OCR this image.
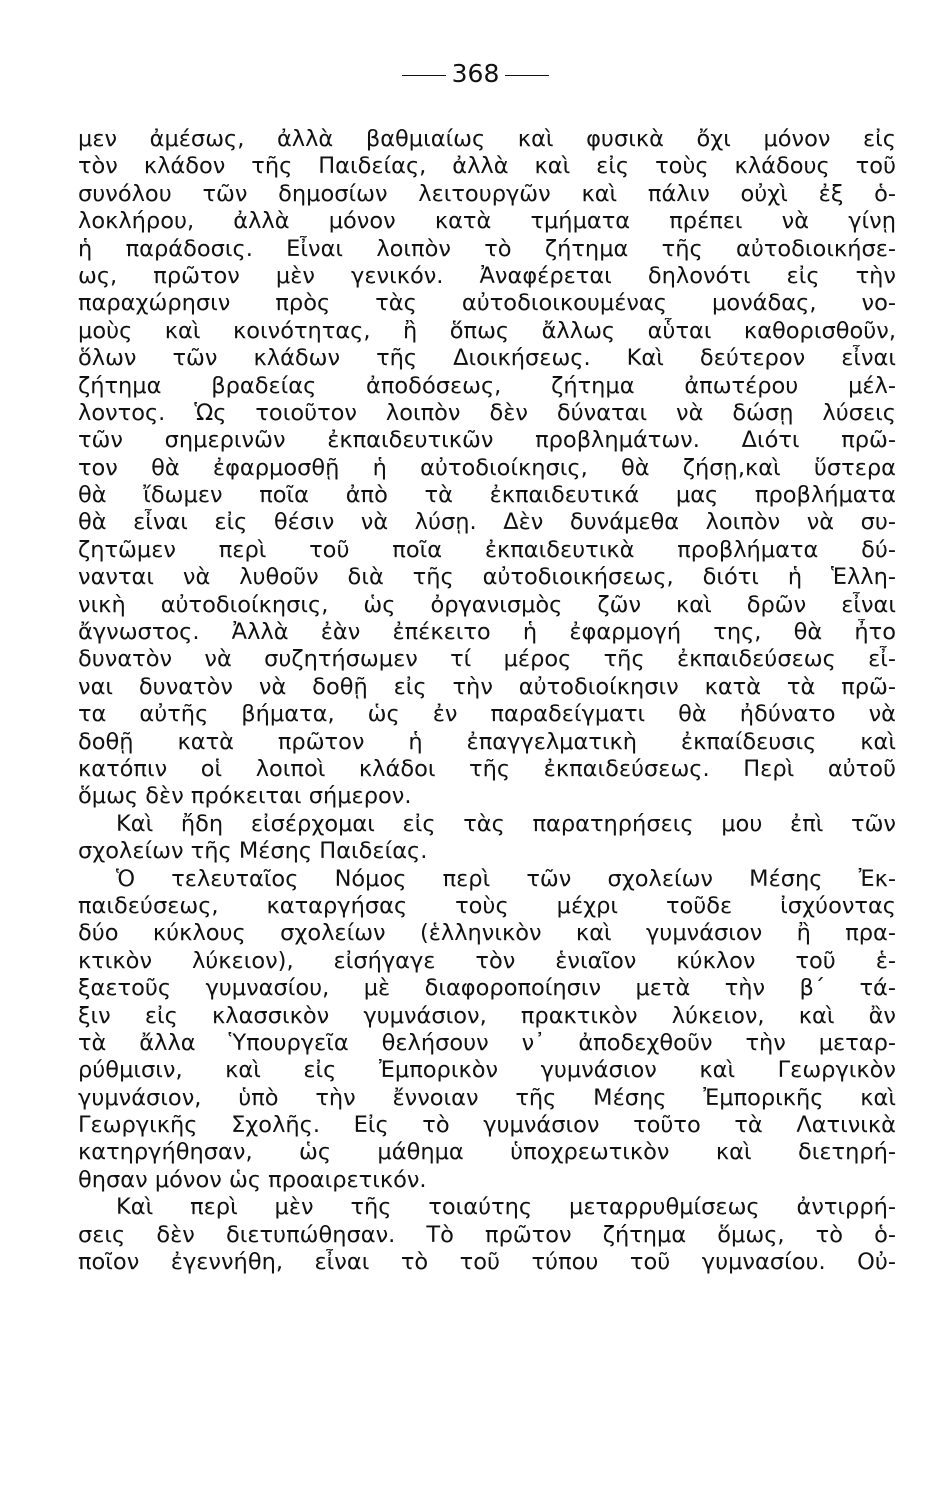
368
μεν ἀμέσως, ἀλλὰ βαθμιαίως καὶ φυσικὰ ὄχι μόνον εἰς
τὸν κλάδον τῆς Παιδείας, ἀλλὰ καὶ εἰς τοὺς κλάδους τοῦ
συνόλου τῶν δημοσίων λειτουργῶν καὶ πάλιν οὐχὶ ἐξ ὁ-
λοκλήρου, ἀλλὰ μόνον κατὰ τμήματα πρέπει νὰ γίνῃ
ἡ παράδοσις. Εἶναι λοιπὸν τὸ ζήτημα τῆς αὐτοδιοικήσε-
ως, πρῶτον μὲν γενικόν. Ἀναφέρεται δηλονότι εἰς τὴν
παραχώρησιν πρὸς τὰς αὐτοδιοικουμένας μονάδας, νο-
μοὺς καὶ κοινότητας, ἢ ὅπως ἄλλως αὗται καθορισθοῦν,
ὅλων τῶν κλάδων τῆς Διοικήσεως. Καὶ δεύτερον εἶναι
ζήτημα βραδείας ἀποδόσεως, ζήτημα ἀπωτέρου μέλ-
λοντος. Ὡς τοιοῦτον λοιπὸν δὲν δύναται νὰ δώσῃ λύσεις
τῶν σημερινῶν ἐκπαιδευτικῶν προβλημάτων. Διότι πρῶ-
τον θὰ ἐφαρμοσθῇ ἡ αὐτοδιοίκησις, θὰ ζήσῃ,καὶ ὕστερα
θὰ ἴδωμεν ποῖα ἀπὸ τὰ ἐκπαιδευτικά μας προβλήματα
θὰ εἶναι εἰς θέσιν νὰ λύσῃ. Δὲν δυνάμεθα λοιπὸν νὰ συ-
ζητῶμεν περὶ τοῦ ποῖα ἐκπαιδευτικὰ προβλήματα δύ-
νανται νὰ λυθοῦν διὰ τῆς αὐτοδιοικήσεως, διότι ἡ Ἑλλη-
νικὴ αὐτοδιοίκησις, ὡς ὀργανισμὸς ζῶν καὶ δρῶν εἶναι
ἄγνωστος. Ἀλλὰ ἐὰν ἐπέκειτο ἡ ἐφαρμογή της, θὰ ἦτο
δυνατὸν νὰ συζητήσωμεν τί μέρος τῆς ἐκπαιδεύσεως εἶ-
ναι δυνατὸν νὰ δοθῇ εἰς τὴν αὐτοδιοίκησιν κατὰ τὰ πρῶ-
τα αὐτῆς βήματα, ὡς ἐν παραδείγματι θὰ ἠδύνατο νὰ
δοθῇ κατὰ πρῶτον ἡ ἐπαγγελματικὴ ἐκπαίδευσις καὶ
κατόπιν οἱ λοιποὶ κλάδοι τῆς ἐκπαιδεύσεως. Περὶ αὐτοῦ
ὅμως δὲν πρόκειται σήμερον.
Καὶ ἤδη εἰσέρχομαι εἰς τὰς παρατηρήσεις μου ἐπὶ τῶν
σχολείων τῆς Μέσης Παιδείας.
Ὁ τελευταῖος Νόμος περὶ τῶν σχολείων Μέσης Ἐκ-
παιδεύσεως, καταργήσας τοὺς μέχρι τοῦδε ἰσχύοντας
δύο κύκλους σχολείων (ἑλληνικὸν καὶ γυμνάσιον ἢ πρα-
κτικὸν λύκειον), εἰσήγαγε τὸν ἑνιαῖον κύκλον τοῦ ἑ-
ξαετοῦς γυμνασίου, μὲ διαφοροποίησιν μετὰ τὴν β΄ τά-
ξιν εἰς κλασσικὸν γυμνάσιον, πρακτικὸν λύκειον, καὶ ἂν
τὰ ἄλλα Ὑπουργεῖα θελήσουν ν᾿ ἀποδεχθοῦν τὴν μεταρ-
ρύθμισιν, καὶ εἰς Ἐμπορικὸν γυμνάσιον καὶ Γεωργικὸν
γυμνάσιον, ὑπὸ τὴν ἔννοιαν τῆς Μέσης Ἐμπορικῆς καὶ
Γεωργικῆς Σχολῆς. Εἰς τὸ γυμνάσιον τοῦτο τὰ Λατινικὰ
κατηργήθησαν, ὡς μάθημα ὑποχρεωτικὸν καὶ διετηρή-
θησαν μόνον ὡς προαιρετικόν.
Καὶ περὶ μὲν τῆς τοιαύτης μεταρρυθμίσεως ἀντιρρή-
σεις δὲν διετυπώθησαν. Τὸ πρῶτον ζήτημα ὅμως, τὸ ὁ-
ποῖον ἐγεννήθη, εἶναι τὸ τοῦ τύπου τοῦ γυμνασίου. Οὐ-
